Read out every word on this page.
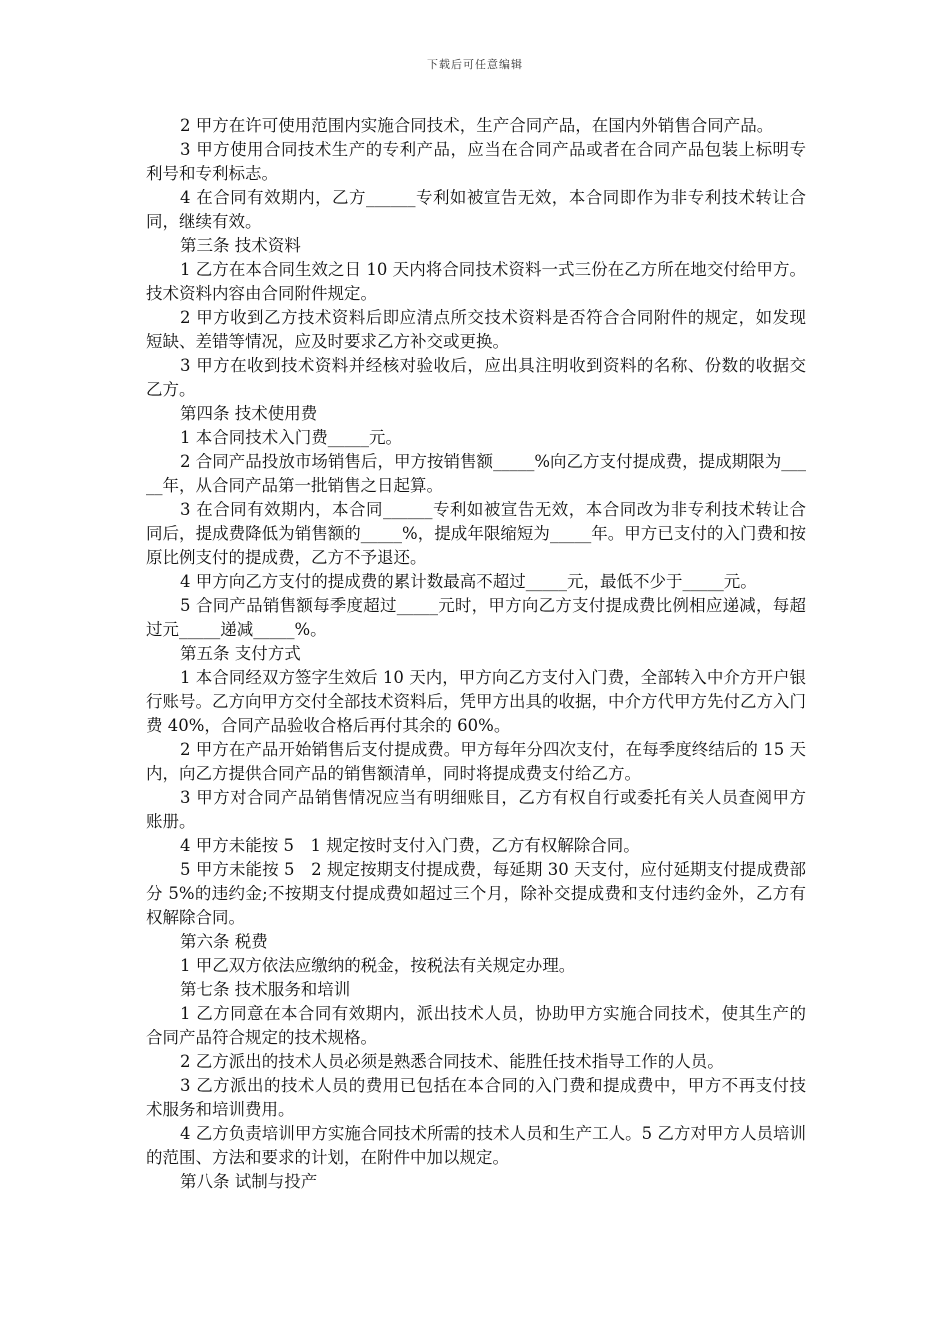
下载后可任意编辑

2 甲方在许可使用范围内实施合同技术，生产合同产品，在国内外销售合同产品。

3 甲方使用合同技术生产的专利产品，应当在合同产品或者在合同产品包装上标明专利号和专利标志。

4 在合同有效期内，乙方______专利如被宣告无效，本合同即作为非专利技术转让合同，继续有效。

第三条 技术资料

1 乙方在本合同生效之日 10 天内将合同技术资料一式三份在乙方所在地交付给甲方。技术资料内容由合同附件规定。

2 甲方收到乙方技术资料后即应清点所交技术资料是否符合合同附件的规定，如发现短缺、差错等情况，应及时要求乙方补交或更换。

3 甲方在收到技术资料并经核对验收后，应出具注明收到资料的名称、份数的收据交乙方。

第四条 技术使用费

1 本合同技术入门费_____元。

2 合同产品投放市场销售后，甲方按销售额_____%向乙方支付提成费，提成期限为_____年，从合同产品第一批销售之日起算。

3 在合同有效期内，本合同______专利如被宣告无效，本合同改为非专利技术转让合同后，提成费降低为销售额的_____%，提成年限缩短为_____年。甲方已支付的入门费和按原比例支付的提成费，乙方不予退还。

4 甲方向乙方支付的提成费的累计数最高不超过_____元，最低不少于_____元。

5 合同产品销售额每季度超过_____元时，甲方向乙方支付提成费比例相应递减，每超过元_____递减_____%。

第五条 支付方式

1 本合同经双方签字生效后 10 天内，甲方向乙方支付入门费，全部转入中介方开户银行账号。乙方向甲方交付全部技术资料后，凭甲方出具的收据，中介方代甲方先付乙方入门费 40%，合同产品验收合格后再付其余的 60%。

2 甲方在产品开始销售后支付提成费。甲方每年分四次支付，在每季度终结后的 15 天内，向乙方提供合同产品的销售额清单，同时将提成费支付给乙方。

3 甲方对合同产品销售情况应当有明细账目，乙方有权自行或委托有关人员查阅甲方账册。

4 甲方未能按 5　1 规定按时支付入门费，乙方有权解除合同。

5 甲方未能按 5　2 规定按期支付提成费，每延期 30 天支付，应付延期支付提成费部分 5%的违约金;不按期支付提成费如超过三个月，除补交提成费和支付违约金外，乙方有权解除合同。

第六条 税费

1 甲乙双方依法应缴纳的税金，按税法有关规定办理。

第七条 技术服务和培训

1 乙方同意在本合同有效期内，派出技术人员，协助甲方实施合同技术，使其生产的合同产品符合规定的技术规格。

2 乙方派出的技术人员必须是熟悉合同技术、能胜任技术指导工作的人员。

3 乙方派出的技术人员的费用已包括在本合同的入门费和提成费中，甲方不再支付技术服务和培训费用。

4 乙方负责培训甲方实施合同技术所需的技术人员和生产工人。5 乙方对甲方人员培训的范围、方法和要求的计划，在附件中加以规定。

第八条 试制与投产
